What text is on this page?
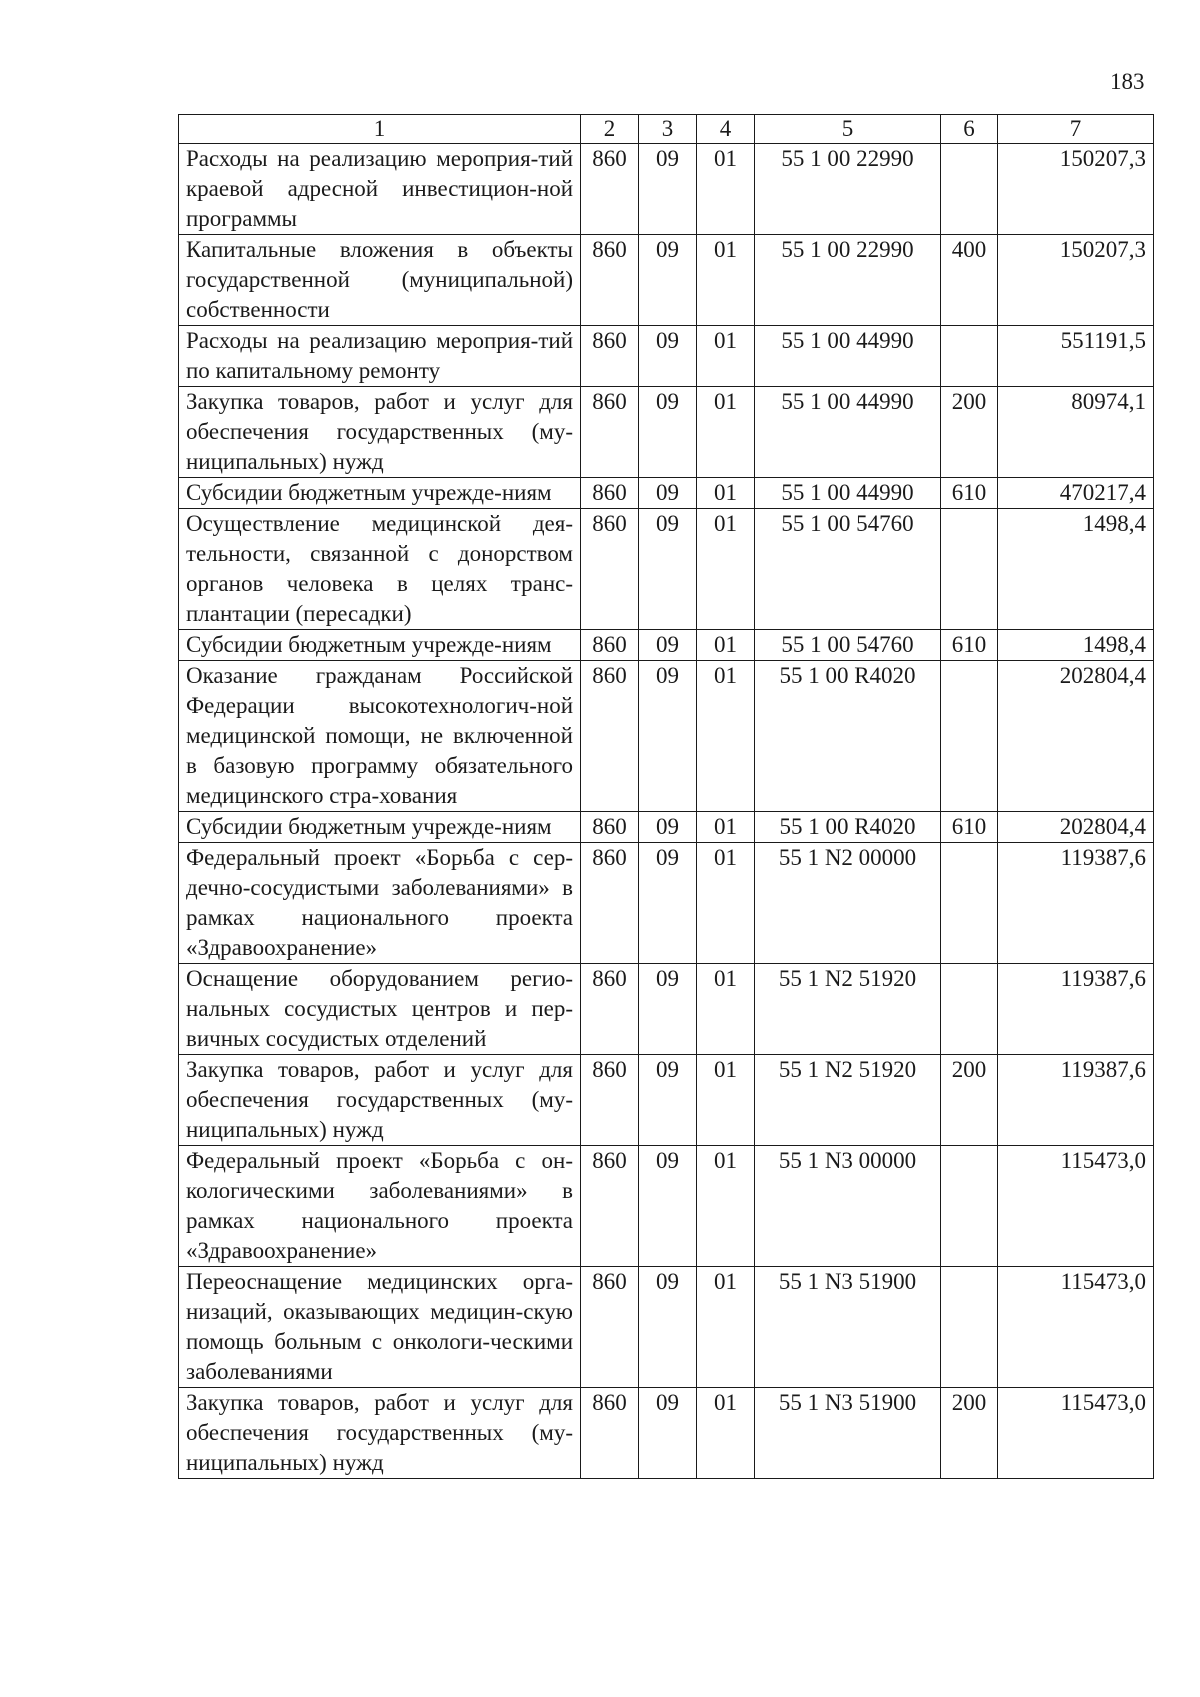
183
1	2	3	4	5	6	7
Расходы на реализацию мероприя-тий краевой адресной инвестицион-ной программы	860	09	01	55 1 00 22990		150207,3
Капитальные вложения в объекты государственной (муниципальной) собственности	860	09	01	55 1 00 22990	400	150207,3
Расходы на реализацию мероприя-тий по капитальному ремонту	860	09	01	55 1 00 44990		551191,5
Закупка товаров, работ и услуг для обеспечения государственных (му-ниципальных) нужд	860	09	01	55 1 00 44990	200	80974,1
Субсидии бюджетным учрежде-ниям	860	09	01	55 1 00 44990	610	470217,4
Осуществление медицинской дея-тельности, связанной с донорством органов человека в целях транс-плантации (пересадки)	860	09	01	55 1 00 54760		1498,4
Субсидии бюджетным учрежде-ниям	860	09	01	55 1 00 54760	610	1498,4
Оказание гражданам Российской Федерации высокотехнологич-ной медицинской помощи, не включенной в базовую программу обязательного медицинского стра-хования	860	09	01	55 1 00 R4020		202804,4
Субсидии бюджетным учрежде-ниям	860	09	01	55 1 00 R4020	610	202804,4
Федеральный проект «Борьба с сер-дечно-сосудистыми заболеваниями» в рамках национального проекта «Здравоохранение»	860	09	01	55 1 N2 00000		119387,6
Оснащение оборудованием регио-нальных сосудистых центров и пер-вичных сосудистых отделений	860	09	01	55 1 N2 51920		119387,6
Закупка товаров, работ и услуг для обеспечения государственных (му-ниципальных) нужд	860	09	01	55 1 N2 51920	200	119387,6
Федеральный проект «Борьба с он-кологическими заболеваниями» в рамках национального проекта «Здравоохранение»	860	09	01	55 1 N3 00000		115473,0
Переоснащение медицинских орга-низаций, оказывающих медицин-скую помощь больным с онкологи-ческими заболеваниями	860	09	01	55 1 N3 51900		115473,0
Закупка товаров, работ и услуг для обеспечения государственных (му-ниципальных) нужд	860	09	01	55 1 N3 51900	200	115473,0
